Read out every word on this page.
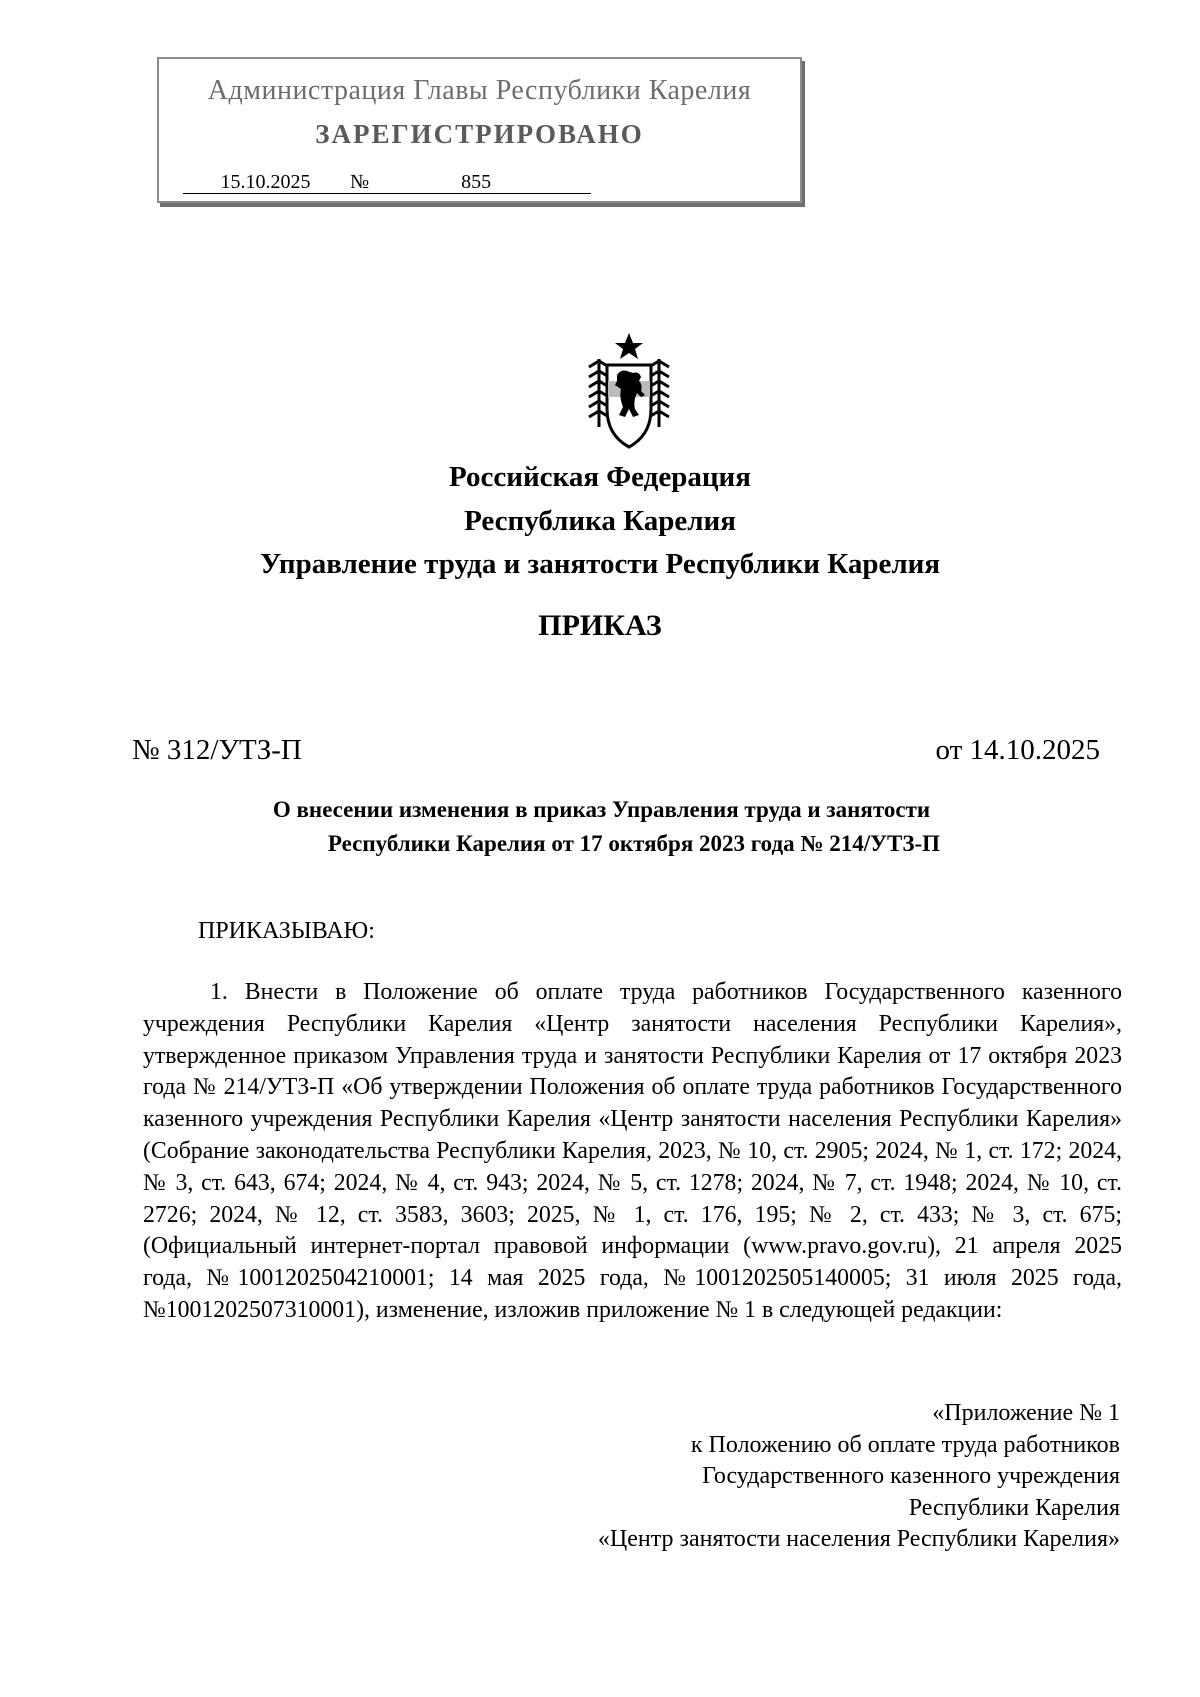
Администрация Главы Республики Карелия
ЗАРЕГИСТРИРОВАНО
15.10.2025	№	855
Российская Федерация
Республика Карелия
Управление труда и занятости Республики Карелия
ПРИКАЗ
№ 312/УТЗ-П	от 14.10.2025
О внесении изменения в приказ Управления труда и занятости
Республики Карелия от 17 октября 2023 года № 214/УТЗ-П
ПРИКАЗЫВАЮ:

1. Внести в Положение об оплате труда работников Государственного казенного учреждения Республики Карелия «Центр занятости населения Республики Карелия», утвержденное приказом Управления труда и занятости Республики Карелия от 17 октября 2023 года № 214/УТЗ-П «Об утверждении Положения об оплате труда работников Государственного казенного учреждения Республики Карелия «Центр занятости населения Республики Карелия» (Собрание законодательства Республики Карелия, 2023, № 10, ст. 2905; 2024, № 1, ст. 172; 2024, № 3, ст. 643, 674; 2024, № 4, ст. 943; 2024, № 5, ст. 1278; 2024, № 7, ст. 1948; 2024, № 10, ст. 2726; 2024, № 12, ст. 3583, 3603; 2025, № 1, ст. 176, 195; № 2, ст. 433; № 3, ст. 675; (Официальный интернет-портал правовой информации (www.pravo.gov.ru), 21 апреля 2025 года, №1001202504210001; 14 мая 2025 года, №1001202505140005; 31 июля 2025 года, №1001202507310001), изменение, изложив приложение № 1 в следующей редакции:

«Приложение № 1
к Положению об оплате труда работников
Государственного казенного учреждения
Республики Карелия
«Центр занятости населения Республики Карелия»
